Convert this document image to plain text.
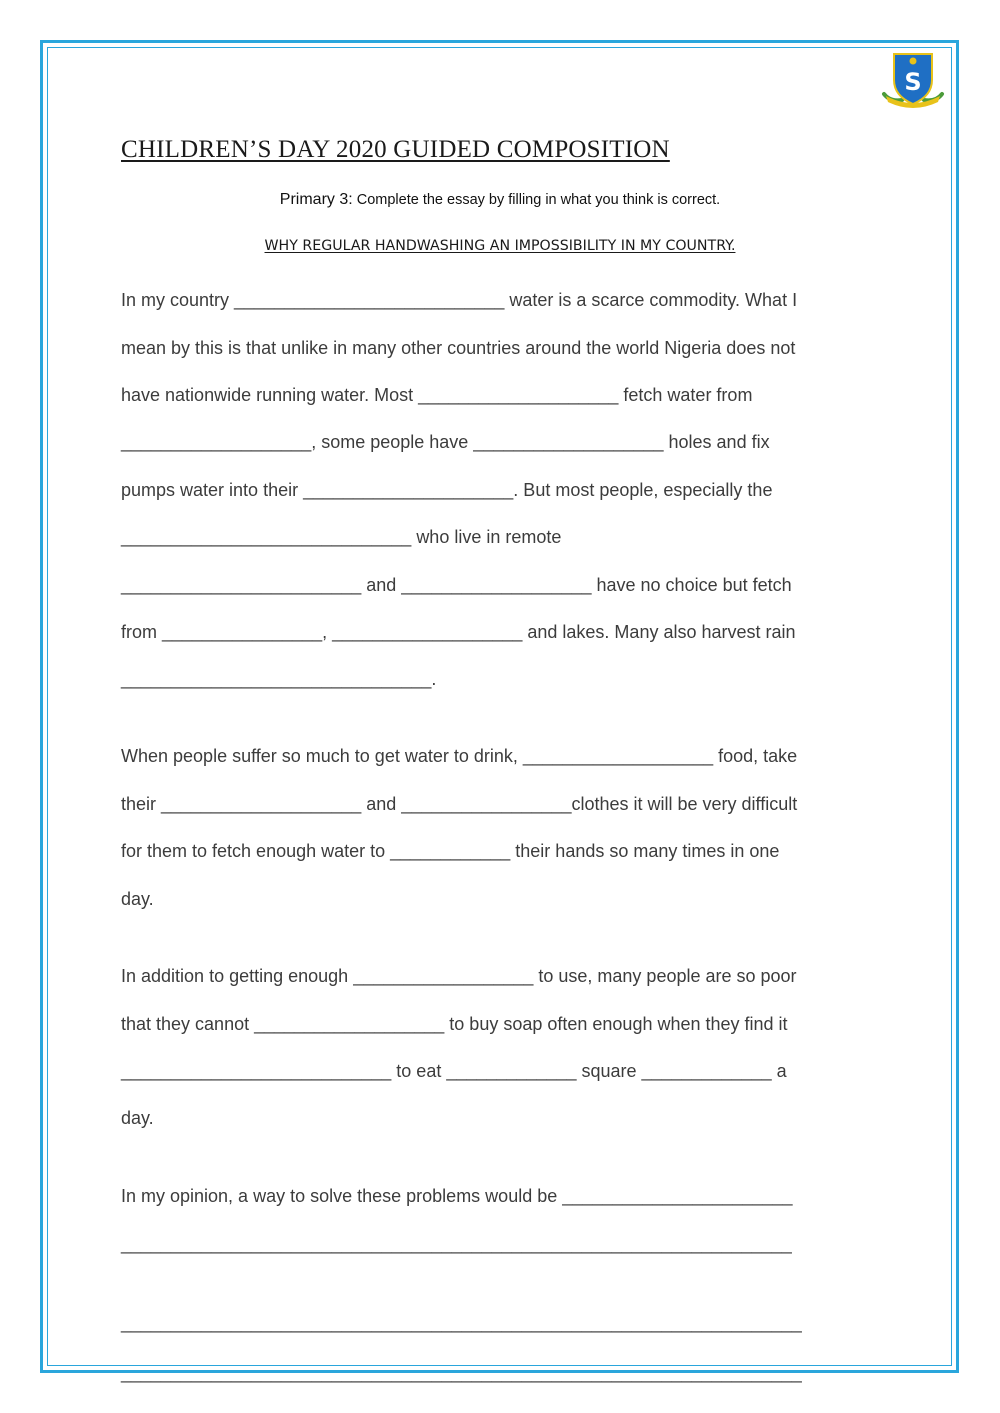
S
CHILDREN’S DAY 2020 GUIDED COMPOSITION
Primary 3: Complete the essay by filling in what you think is correct.
WHY REGULAR HANDWASHING AN IMPOSSIBILITY IN MY COUNTRY.
In my country ___________________________ water is a scarce commodity. What I
mean by this is that unlike in many other countries around the world Nigeria does not
have nationwide running water. Most ____________________ fetch water from
___________________, some people have ___________________ holes and fix
pumps water into their _____________________. But most people, especially the
_____________________________ who live in remote
________________________ and ___________________ have no choice but fetch
from ________________, ___________________ and lakes. Many also harvest rain
_______________________________.
When people suffer so much to get water to drink, ___________________ food, take
their ____________________ and _________________clothes it will be very difficult
for them to fetch enough water to ____________ their hands so many times in one
day.
In addition to getting enough __________________ to use, many people are so poor
that they cannot ___________________ to buy soap often enough when they find it
___________________________ to eat _____________ square _____________ a
day.
In my opinion, a way to solve these problems would be _______________________
___________________________________________________________________
____________________________________________________________________
____________________________________________________________________
